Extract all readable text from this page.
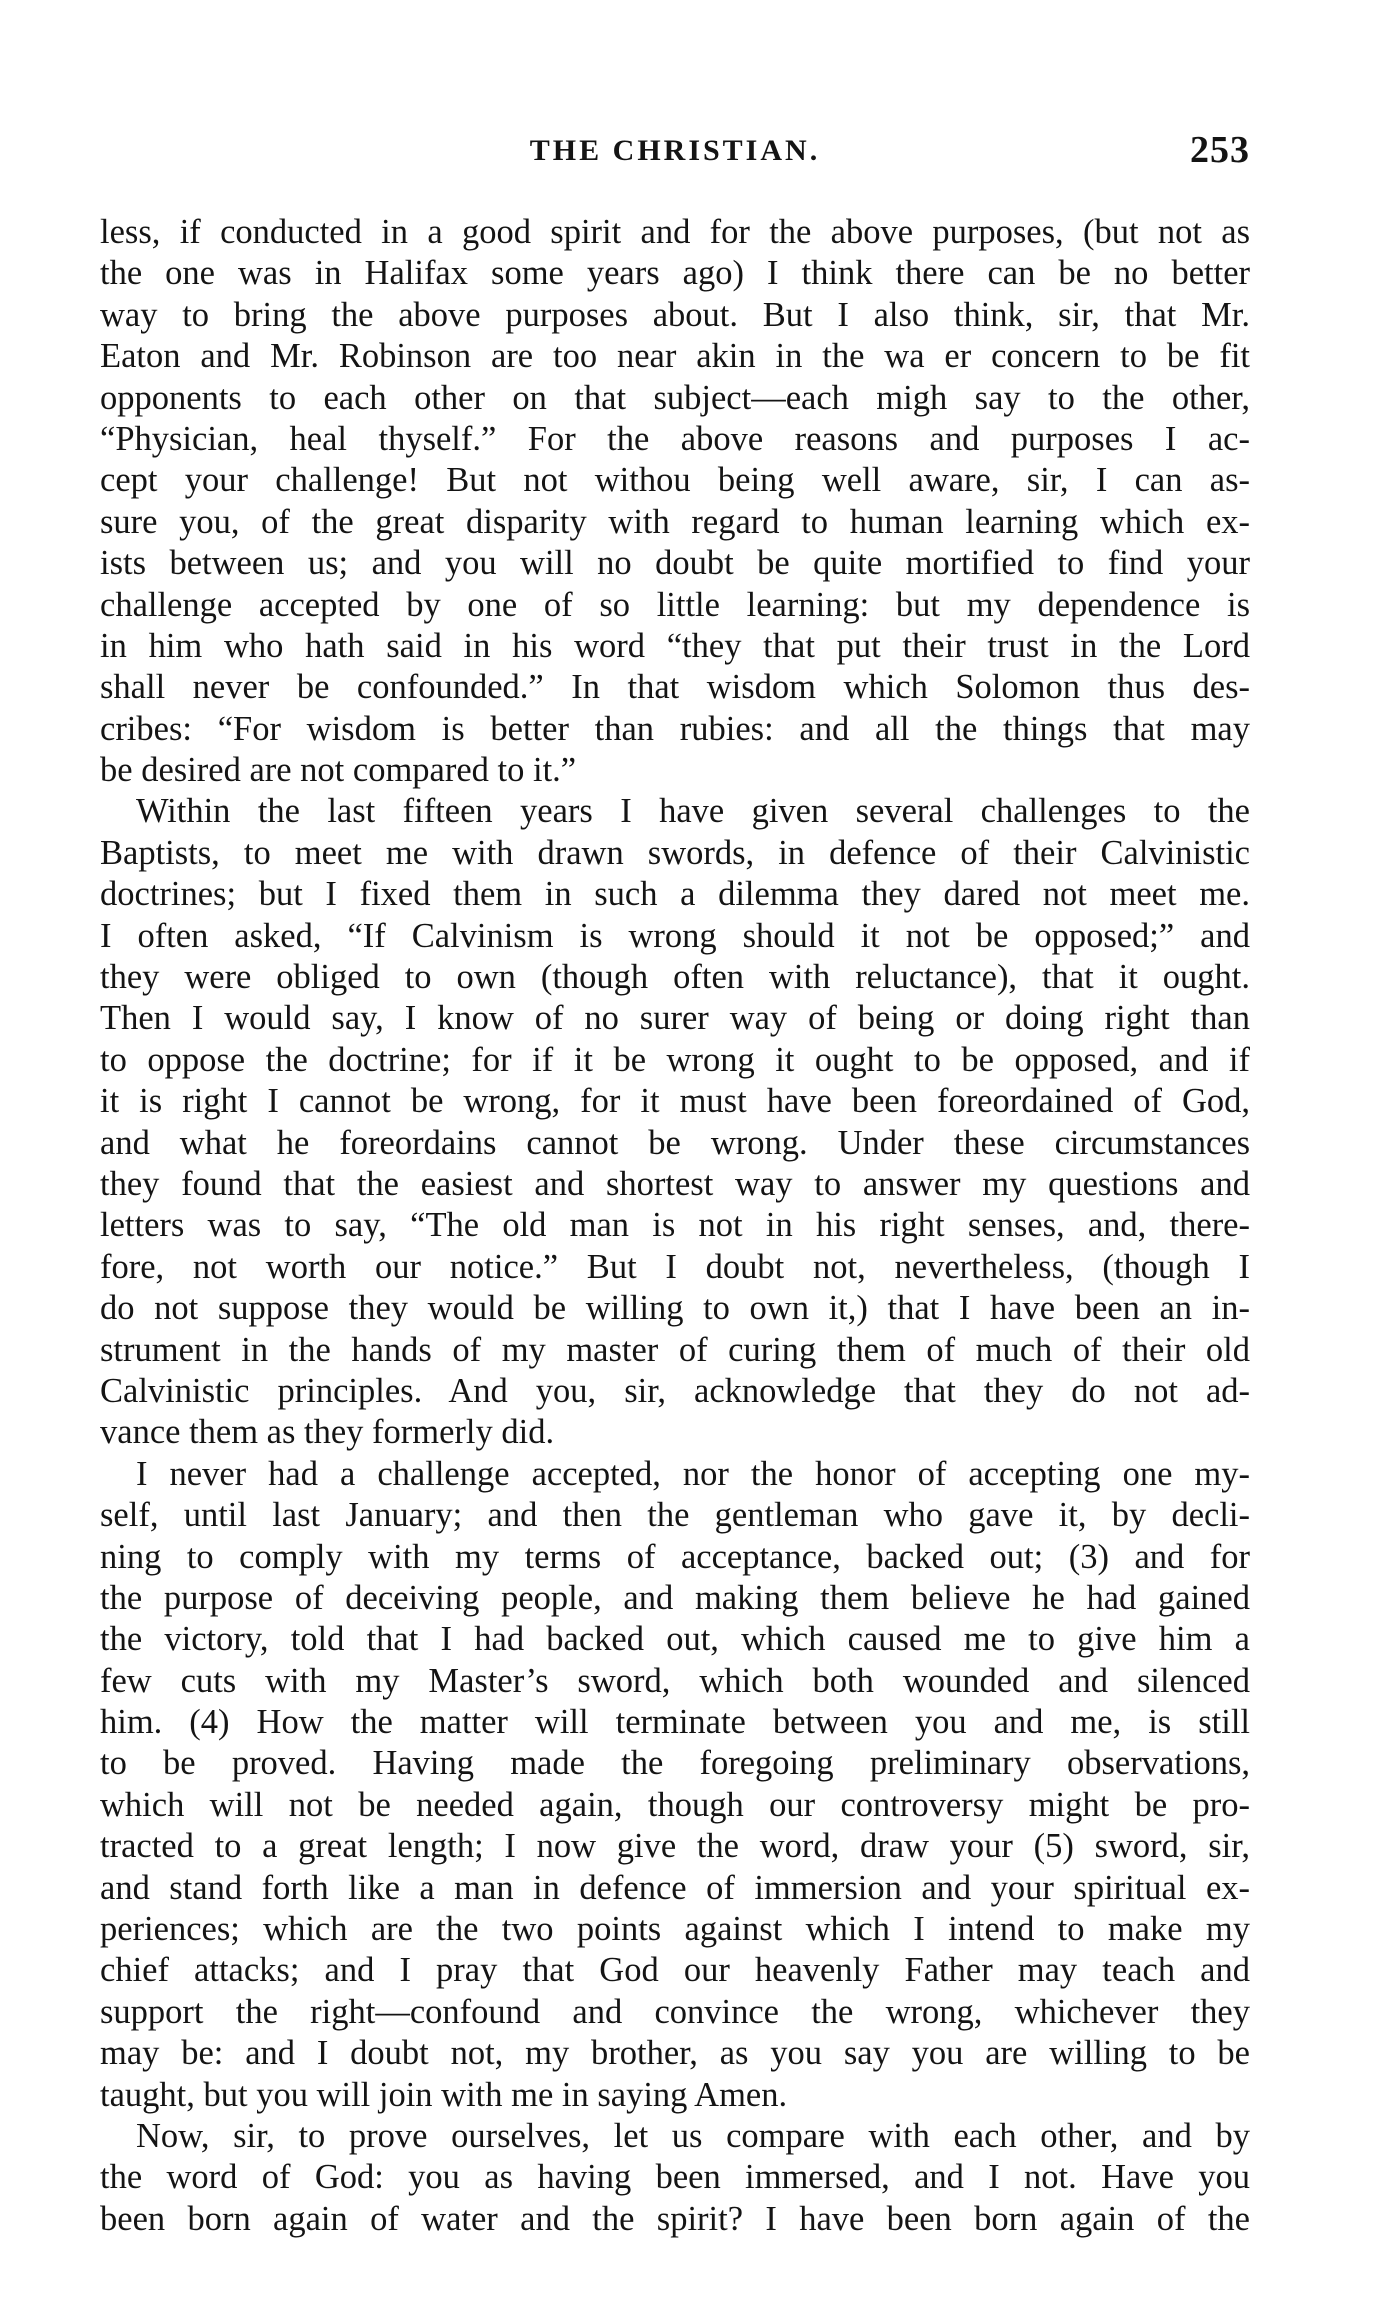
THE CHRISTIAN.	253
less, if conducted in a good spirit and for the above purposes, (but not as
the one was in Halifax some years ago) I think there can be no better
way to bring the above purposes about. But I also think, sir, that Mr.
Eaton and Mr. Robinson are too near akin in the wa er concern to be fit
opponents to each other on that subject—each migh say to the other,
“Physician, heal thyself.” For the above reasons and purposes I ac-
cept your challenge! But not withou being well aware, sir, I can as-
sure you, of the great disparity with regard to human learning which ex-
ists between us; and you will no doubt be quite mortified to find your
challenge accepted by one of so little learning: but my dependence is
in him who hath said in his word “they that put their trust in the Lord
shall never be confounded.” In that wisdom which Solomon thus des-
cribes: “For wisdom is better than rubies: and all the things that may
be desired are not compared to it.”
Within the last fifteen years I have given several challenges to the
Baptists, to meet me with drawn swords, in defence of their Calvinistic
doctrines; but I fixed them in such a dilemma they dared not meet me.
I often asked, “If Calvinism is wrong should it not be opposed;” and
they were obliged to own (though often with reluctance), that it ought.
Then I would say, I know of no surer way of being or doing right than
to oppose the doctrine; for if it be wrong it ought to be opposed, and if
it is right I cannot be wrong, for it must have been foreordained of God,
and what he foreordains cannot be wrong. Under these circumstances
they found that the easiest and shortest way to answer my questions and
letters was to say, “The old man is not in his right senses, and, there-
fore, not worth our notice.” But I doubt not, nevertheless, (though I
do not suppose they would be willing to own it,) that I have been an in-
strument in the hands of my master of curing them of much of their old
Calvinistic principles. And you, sir, acknowledge that they do not ad-
vance them as they formerly did.
I never had a challenge accepted, nor the honor of accepting one my-
self, until last January; and then the gentleman who gave it, by decli-
ning to comply with my terms of acceptance, backed out; (3) and for
the purpose of deceiving people, and making them believe he had gained
the victory, told that I had backed out, which caused me to give him a
few cuts with my Master’s sword, which both wounded and silenced
him. (4) How the matter will terminate between you and me, is still
to be proved. Having made the foregoing preliminary observations,
which will not be needed again, though our controversy might be pro-
tracted to a great length; I now give the word, draw your (5) sword, sir,
and stand forth like a man in defence of immersion and your spiritual ex-
periences; which are the two points against which I intend to make my
chief attacks; and I pray that God our heavenly Father may teach and
support the right—confound and convince the wrong, whichever they
may be: and I doubt not, my brother, as you say you are willing to be
taught, but you will join with me in saying Amen.
Now, sir, to prove ourselves, let us compare with each other, and by
the word of God: you as having been immersed, and I not. Have you
been born again of water and the spirit? I have been born again of the
